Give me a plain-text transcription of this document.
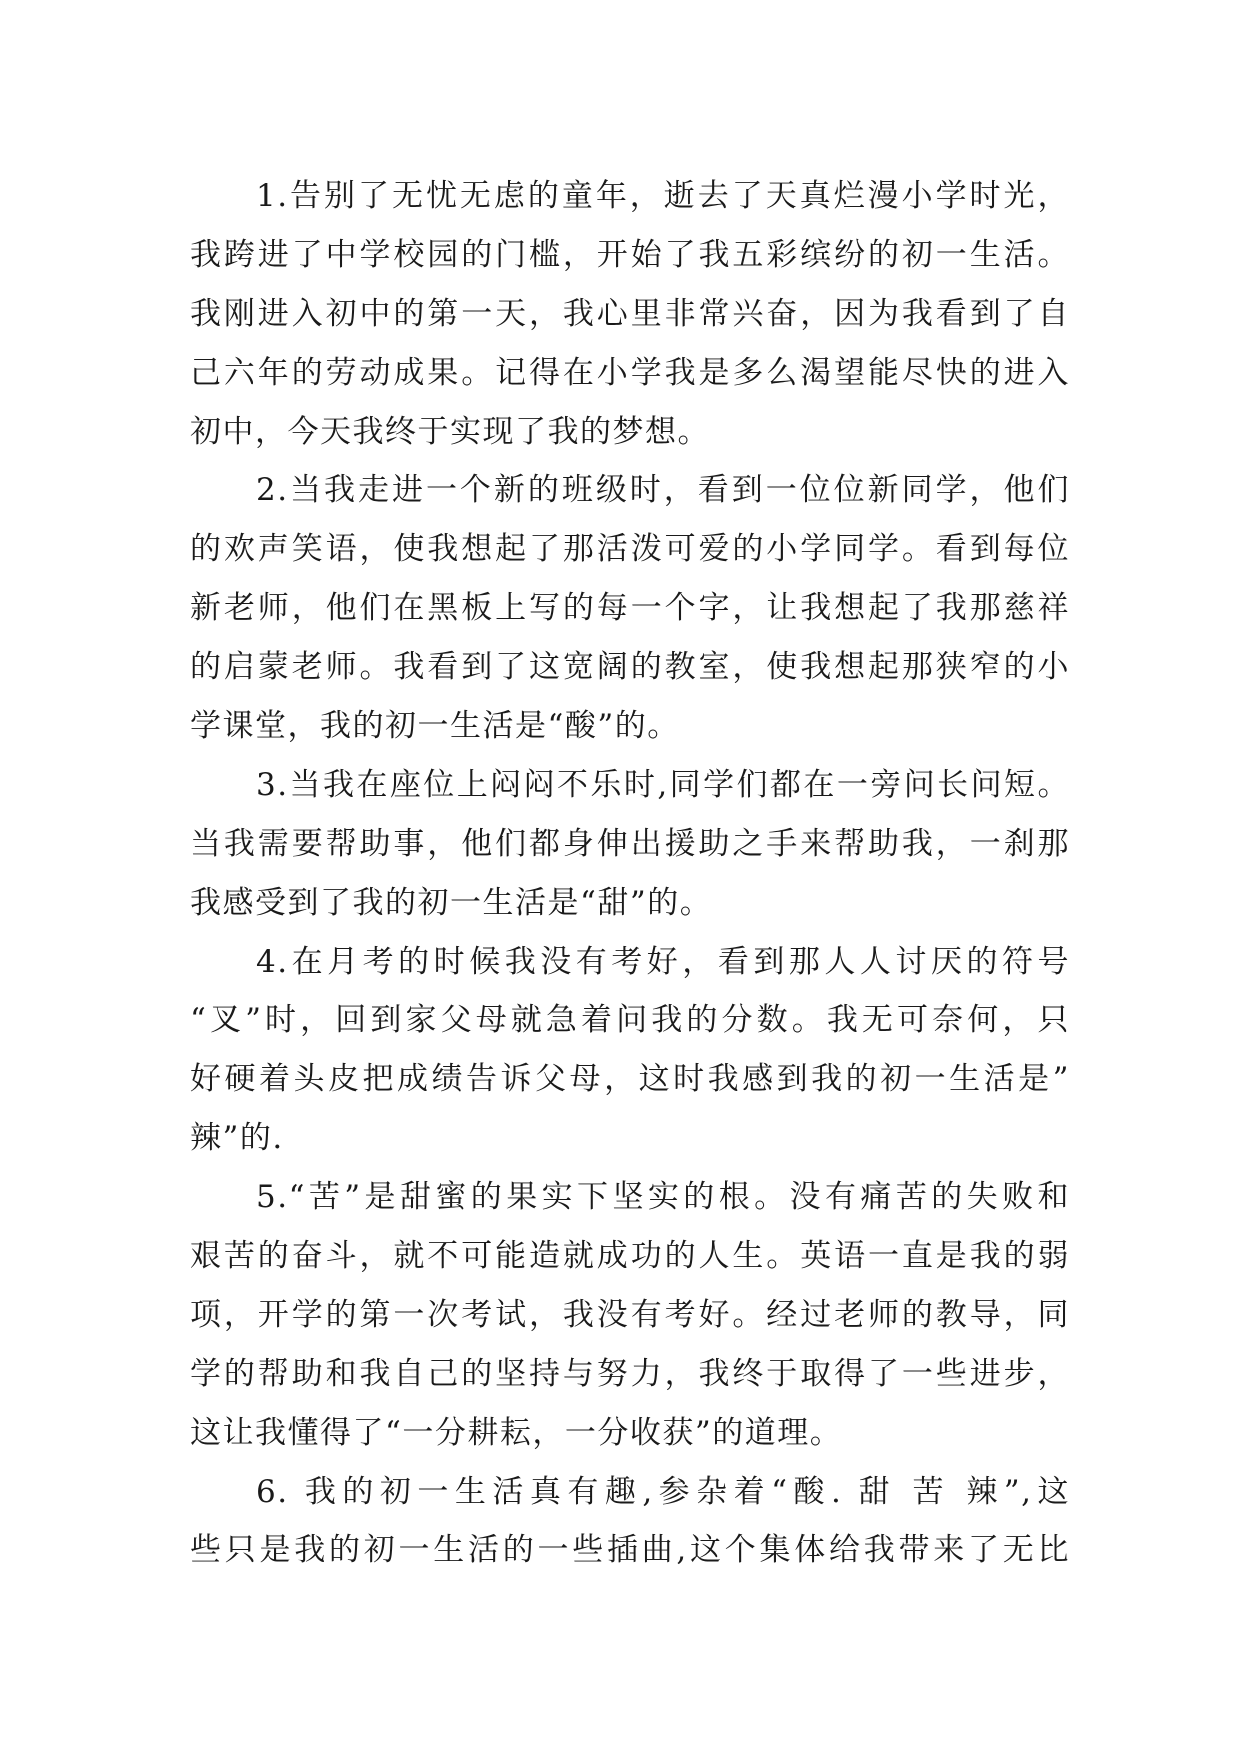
1.告别了无忧无虑的童年，逝去了天真烂漫小学时光，
我跨进了中学校园的门槛，开始了我五彩缤纷的初一生活。
我刚进入初中的第一天，我心里非常兴奋，因为我看到了自
己六年的劳动成果。记得在小学我是多么渴望能尽快的进入
初中，今天我终于实现了我的梦想。
2.当我走进一个新的班级时，看到一位位新同学，他们
的欢声笑语，使我想起了那活泼可爱的小学同学。看到每位
新老师，他们在黑板上写的每一个字，让我想起了我那慈祥
的启蒙老师。我看到了这宽阔的教室，使我想起那狭窄的小
学课堂，我的初一生活是“酸”的。
3.当我在座位上闷闷不乐时,同学们都在一旁问长问短。
当我需要帮助事，他们都身伸出援助之手来帮助我，一刹那
我感受到了我的初一生活是“甜”的。
4.在月考的时候我没有考好，看到那人人讨厌的符号
“叉”时，回到家父母就急着问我的分数。我无可奈何，只
好硬着头皮把成绩告诉父母，这时我感到我的初一生活是”
辣”的.
5.“苦”是甜蜜的果实下坚实的根。没有痛苦的失败和
艰苦的奋斗，就不可能造就成功的人生。英语一直是我的弱
项，开学的第一次考试，我没有考好。经过老师的教导，同
学的帮助和我自己的坚持与努力，我终于取得了一些进步，
这让我懂得了“一分耕耘，一分收获”的道理。
6. 我的初一生活真有趣,参杂着“酸. 甜 苦 辣”,这
些只是我的初一生活的一些插曲,这个集体给我带来了无比
